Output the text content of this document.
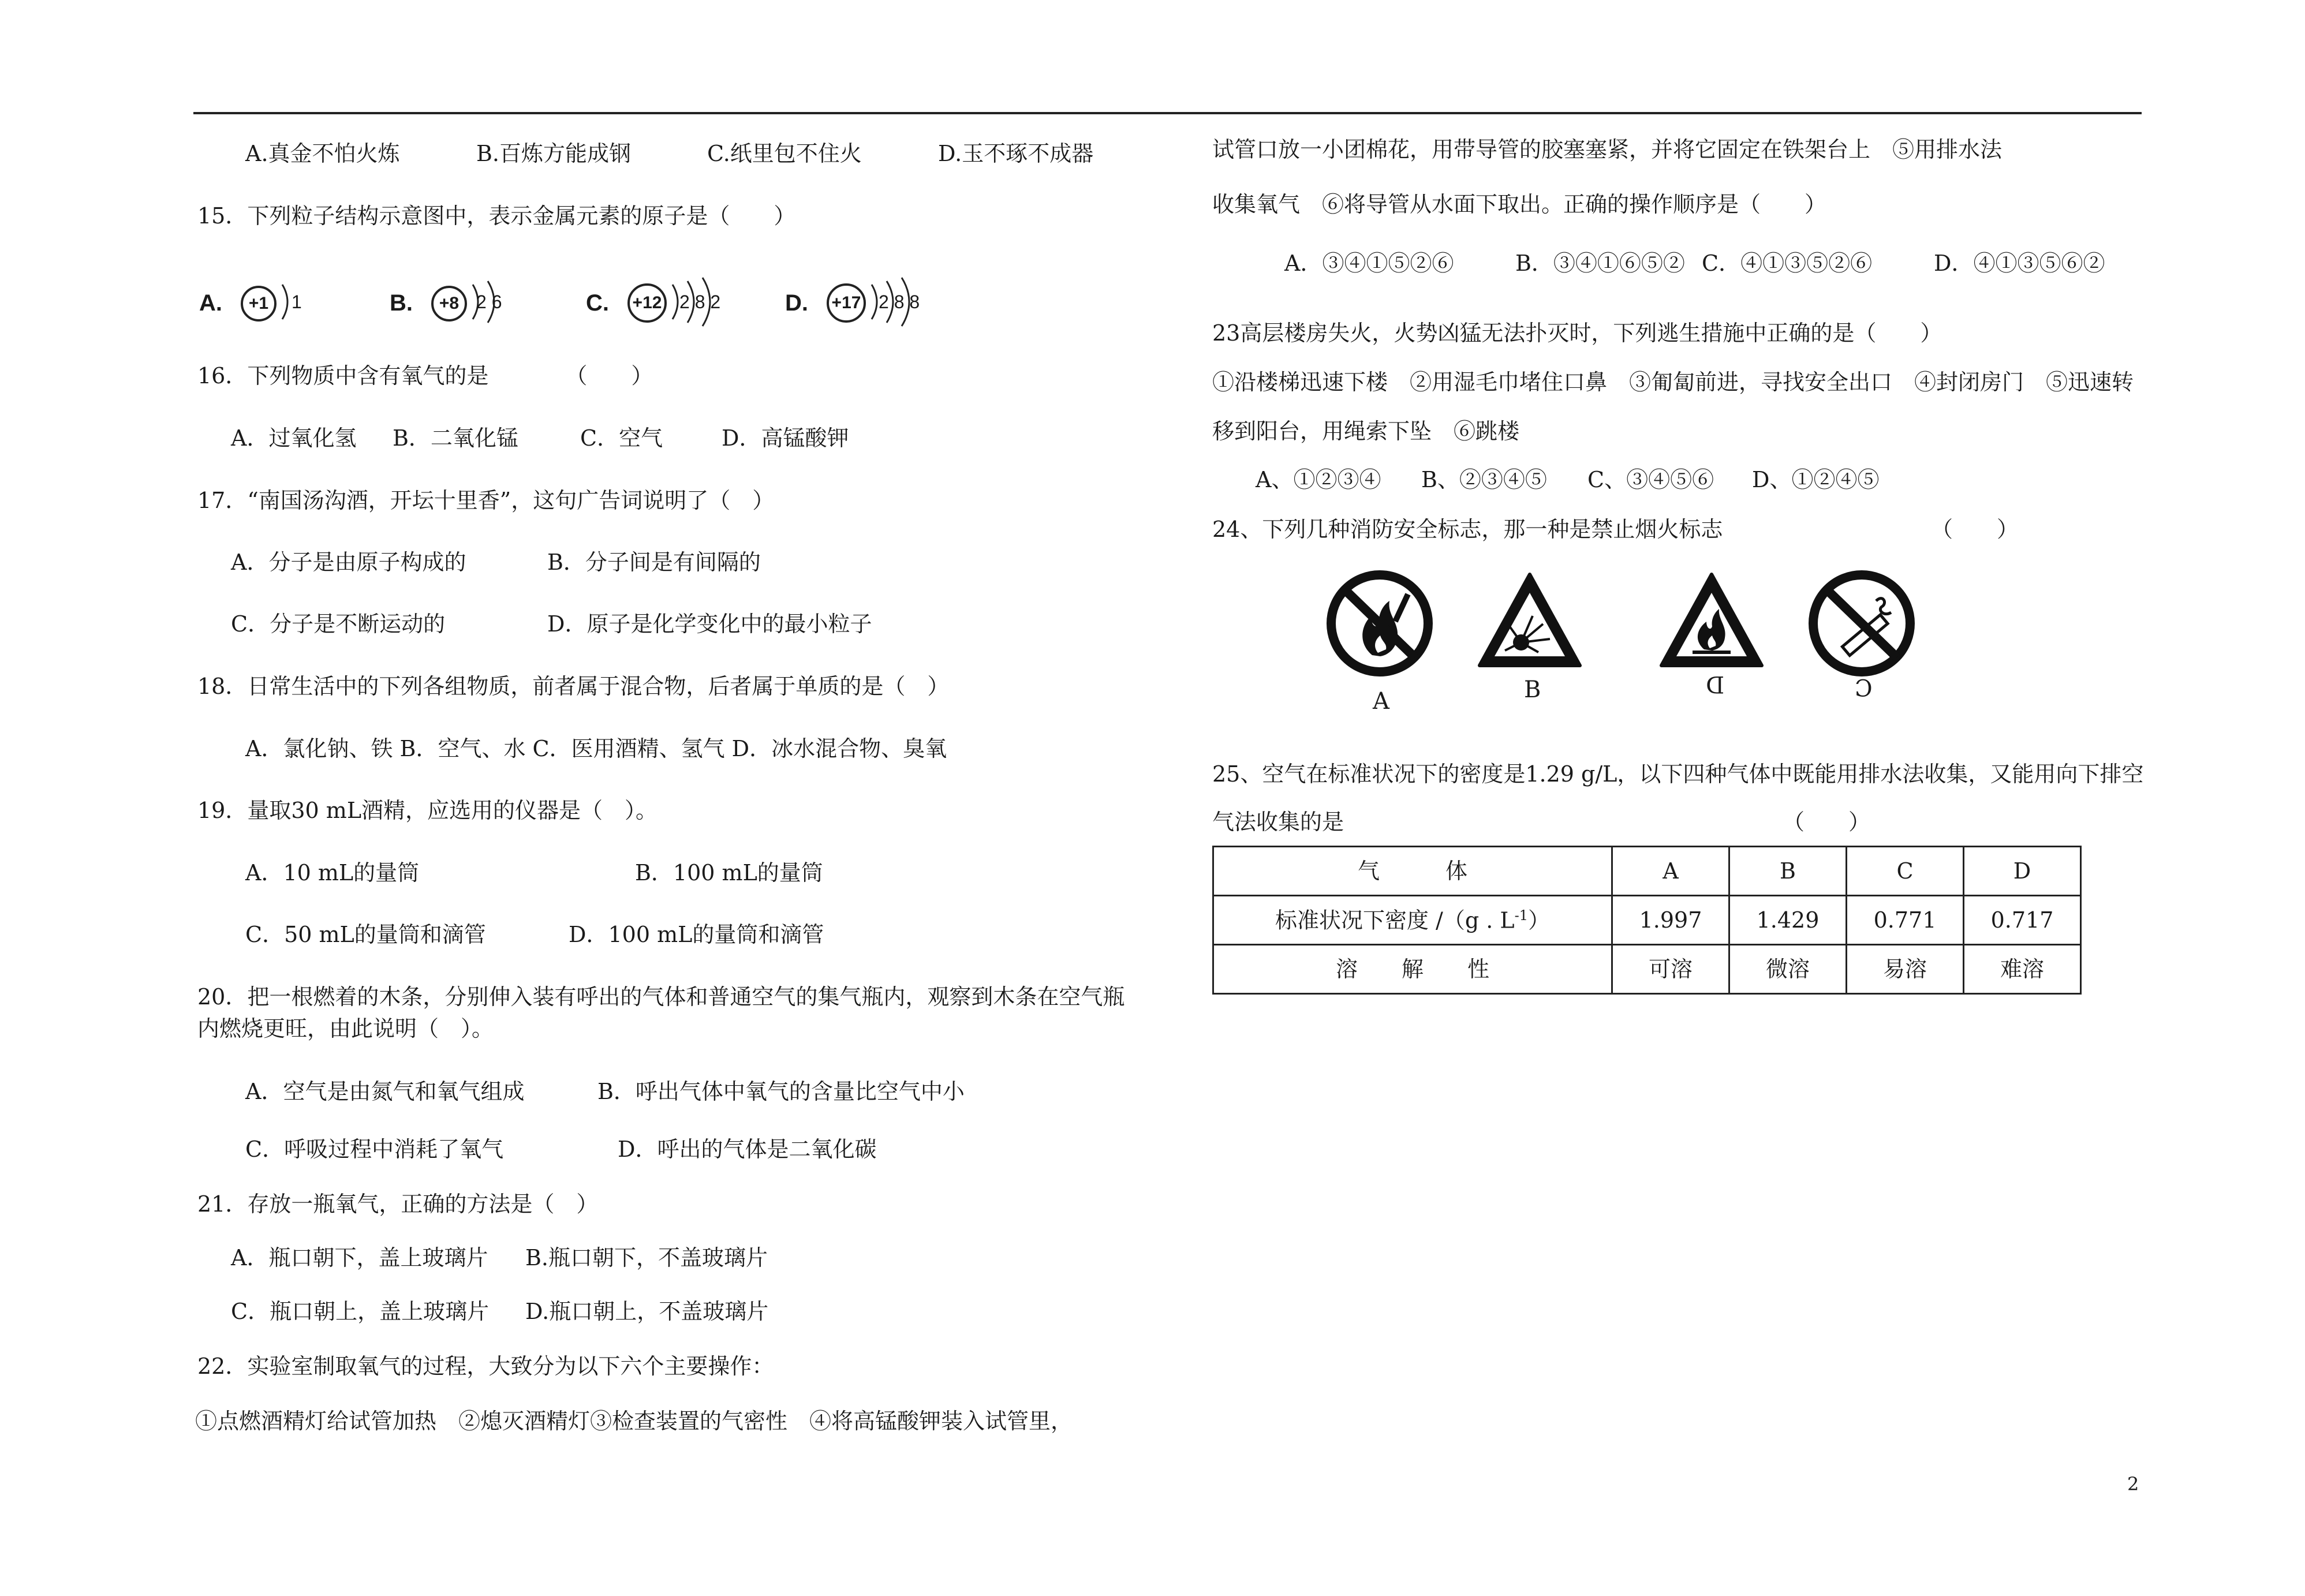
A.真金不怕火炼	B.百炼方能成钢	C.纸里包不住火	D.玉不琢不成器
15．下列粒子结构示意图中，表示金属元素的原子是（　　）
A.	+1	1	B.	+8 2 6	C. +12 2 8 2	D. +17 2 8 8
16．下列物质中含有氧气的是　　　　（　　）
A．过氧化氢 B．二氧化锰	C．空气	D．高锰酸钾
17．“南国汤沟酒，开坛十里香”，这句广告词说明了（　）
A．分子是由原子构成的	B．分子间是有间隔的
C．分子是不断运动的	D．原子是化学变化中的最小粒子
18．日常生活中的下列各组物质，前者属于混合物，后者属于单质的是（　）
A．氯化钠、铁 B．空气、水 C．医用酒精、氢气 D．冰水混合物、臭氧
19．量取30 mL酒精，应选用的仪器是（　）。
A．10 mL的量筒	B．100 mL的量筒
C．50 mL的量筒和滴管	D．100 mL的量筒和滴管
20．把一根燃着的木条，分别伸入装有呼出的气体和普通空气的集气瓶内，观察到木条在空气瓶
内燃烧更旺，由此说明（　）。
A．空气是由氮气和氧气组成	B．呼出气体中氧气的含量比空气中小
C．呼吸过程中消耗了氧气	D．呼出的气体是二氧化碳
21．存放一瓶氧气，正确的方法是（　）
A．瓶口朝下，盖上玻璃片 B.瓶口朝下，不盖玻璃片
C．瓶口朝上，盖上玻璃片 D.瓶口朝上，不盖玻璃片
22．实验室制取氧气的过程，大致分为以下六个主要操作：
①点燃酒精灯给试管加热　②熄灭酒精灯③检查装置的气密性　④将高锰酸钾装入试管里，
试管口放一小团棉花，用带导管的胶塞塞紧，并将它固定在铁架台上　⑤用排水法
收集氧气　⑥将导管从水面下取出。正确的操作顺序是（　　）
A．③④①⑤②⑥	B．③④①⑥⑤② C．④①③⑤②⑥	D．④①③⑤⑥②
23高层楼房失火，火势凶猛无法扑灭时，下列逃生措施中正确的是（　　）
①沿楼梯迅速下楼　②用湿毛巾堵住口鼻　③匍匐前进，寻找安全出口　④封闭房门　⑤迅速转
移到阳台，用绳索下坠　⑥跳楼
A、①②③④ B、②③④⑤ C、③④⑤⑥ D、①②④⑤
24、下列几种消防安全标志，那一种是禁止烟火标志	（　　）
A	B	D	C
25、空气在标准状况下的密度是1.29 g/L，以下四种气体中既能用排水法收集，又能用向下排空
气法收集的是	（　　）
气　　　体	A	B	C	D
标准状况下密度 /（g . $L^{-1}$）	1.997	1.429	0.771	0.717
溶　　解　　性	可溶	微溶	易溶	难溶
2
